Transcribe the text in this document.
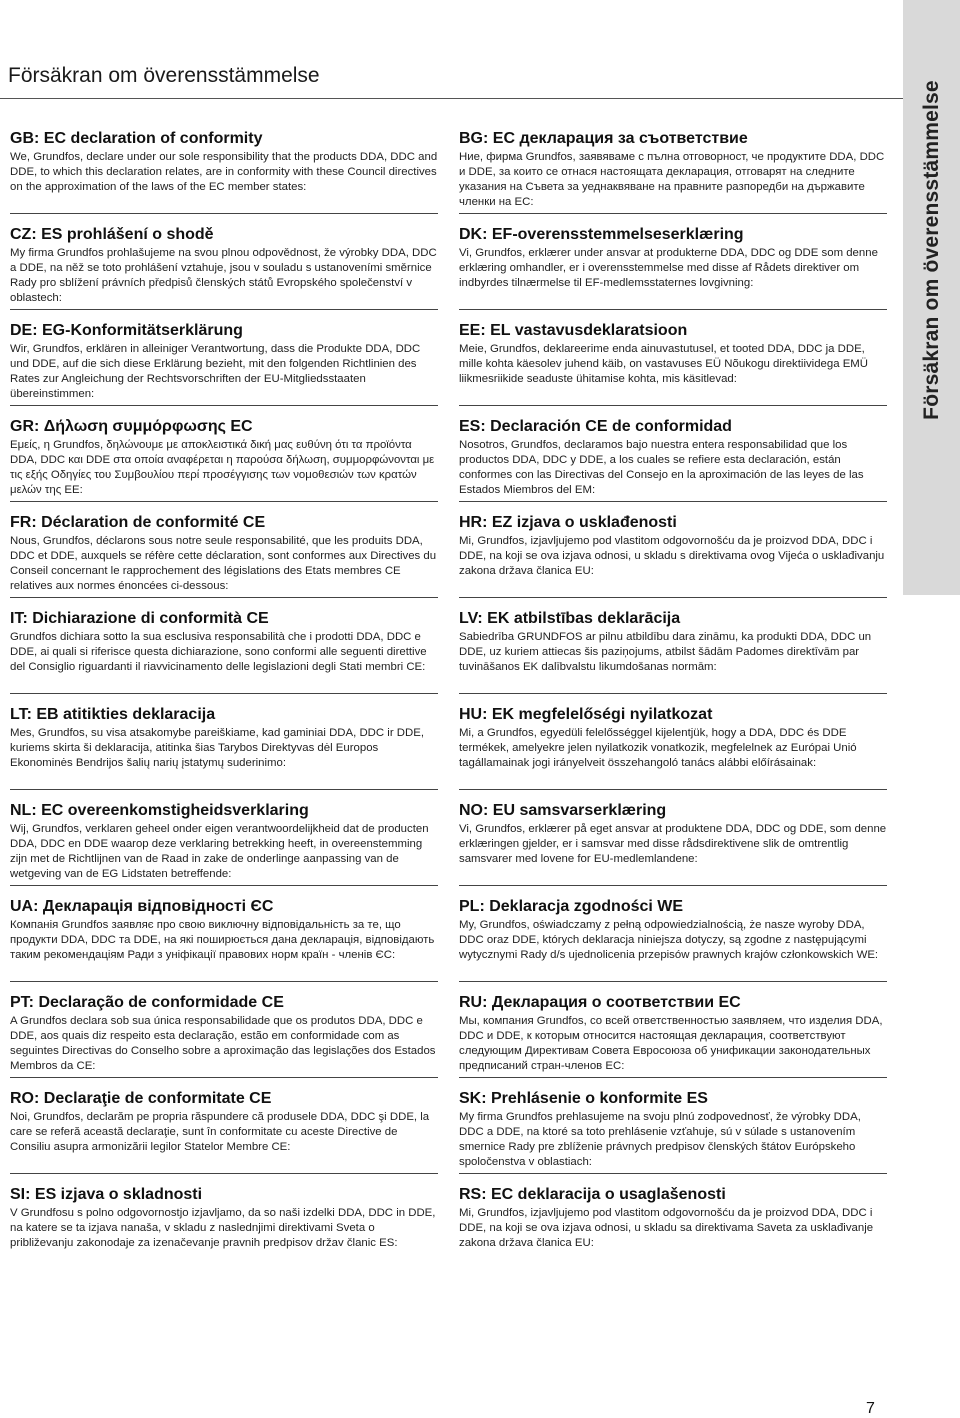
Försäkran om överensstämmelse
Försäkran om överensstämmelse
GB: EC declaration of conformity

We, Grundfos, declare under our sole responsibility that the products DDA, DDC and DDE, to which this declaration relates, are in conformity with these Council directives on the approximation of the laws of the EC member states:

CZ: ES prohlášení o shodě

My firma Grundfos prohlašujeme na svou plnou odpovědnost, že výrobky DDA, DDC a DDE, na něž se toto prohlášení vztahuje, jsou v souladu s ustanoveními směrnice Rady pro sblížení právních předpisů členských států Evropského společenství v oblastech:

DE: EG-Konformitätserklärung

Wir, Grundfos, erklären in alleiniger Verantwortung, dass die Produkte DDA, DDC und DDE, auf die sich diese Erklärung bezieht, mit den folgenden Richtlinien des Rates zur Angleichung der Rechtsvorschriften der EU-Mitgliedsstaaten übereinstimmen:

GR: Δήλωση συμμόρφωσης EC

Εμείς, η Grundfos, δηλώνουμε με αποκλειστικά δική μας ευθύνη ότι τα προϊόντα DDA, DDC και DDE στα οποία αναφέρεται η παρούσα δήλωση, συμμορφώνονται με τις εξής Οδηγίες του Συμβουλίου περί προσέγγισης των νομοθεσιών των κρατών μελών της ΕΕ:

FR: Déclaration de conformité CE

Nous, Grundfos, déclarons sous notre seule responsabilité, que les produits DDA, DDC et DDE, auxquels se réfère cette déclaration, sont conformes aux Directives du Conseil concernant le rapprochement des législations des Etats membres CE relatives aux normes énoncées ci-dessous:

IT: Dichiarazione di conformità CE

Grundfos dichiara sotto la sua esclusiva responsabilità che i prodotti DDA, DDC e DDE, ai quali si riferisce questa dichiarazione, sono conformi alle seguenti direttive del Consiglio riguardanti il riavvicinamento delle legislazioni degli Stati membri CE:

LT: EB atitikties deklaracija

Mes, Grundfos, su visa atsakomybe pareiškiame, kad gaminiai DDA, DDC ir DDE, kuriems skirta ši deklaracija, atitinka šias Tarybos Direktyvas dėl Europos Ekonominės Bendrijos šalių narių įstatymų suderinimo:

NL: EC overeenkomstigheidsverklaring

Wij, Grundfos, verklaren geheel onder eigen verantwoordelijkheid dat de producten DDA, DDC en DDE waarop deze verklaring betrekking heeft, in overeenstemming zijn met de Richtlijnen van de Raad in zake de onderlinge aanpassing van de wetgeving van de EG Lidstaten betreffende:

UA: Декларація відповідності ЄС

Компанія Grundfos заявляє про свою виключну відповідальність за те, що продукти DDA, DDC та DDE, на які поширюється дана декларація, відповідають таким рекомендаціям Ради з уніфікації правових норм країн - членів ЄС:

PT: Declaração de conformidade CE

A Grundfos declara sob sua única responsabilidade que os produtos DDA, DDC e DDE, aos quais diz respeito esta declaração, estão em conformidade com as seguintes Directivas do Conselho sobre a aproximação das legislações dos Estados Membros da CE:

RO: Declaraţie de conformitate CE

Noi, Grundfos, declarăm pe propria răspundere că produsele DDA, DDC şi DDE, la care se referă această declaraţie, sunt în conformitate cu aceste Directive de Consiliu asupra armonizării legilor Statelor Membre CE:

SI: ES izjava o skladnosti

V Grundfosu s polno odgovornostjo izjavljamo, da so naši izdelki DDA, DDC in DDE, na katere se ta izjava nanaša, v skladu z naslednjimi direktivami Sveta o približevanju zakonodaje za izenačevanje pravnih predpisov držav članic ES:

BG: ЕС декларация за съответствие

Ние, фирма Grundfos, заявяваме с пълна отговорност, че продуктите DDA, DDC и DDE, за които се отнася настоящата декларация, отговарят на следните указания на Съвета за уеднаквяване на правните разпоредби на държавите членки на ЕС:

DK: EF-overensstemmelseserklæring

Vi, Grundfos, erklærer under ansvar at produkterne DDA, DDC og DDE som denne erklæring omhandler, er i overensstemmelse med disse af Rådets direktiver om indbyrdes tilnærmelse til EF-medlemsstaternes lovgivning:

EE: EL vastavusdeklaratsioon

Meie, Grundfos, deklareerime enda ainuvastutusel, et tooted DDA, DDC ja DDE, mille kohta käesolev juhend käib, on vastavuses EÜ Nõukogu direktiividega EMÜ liikmesriikide seaduste ühitamise kohta, mis käsitlevad:

ES: Declaración CE de conformidad

Nosotros, Grundfos, declaramos bajo nuestra entera responsabilidad que los productos DDA, DDC y DDE, a los cuales se refiere esta declaración, están conformes con las Directivas del Consejo en la aproximación de las leyes de las Estados Miembros del EM:

HR: EZ izjava o usklađenosti

Mi, Grundfos, izjavljujemo pod vlastitom odgovornošću da je proizvod DDA, DDC i DDE, na koji se ova izjava odnosi, u skladu s direktivama ovog Vijeća o usklađivanju zakona država članica EU:

LV: EK atbilstības deklarācija

Sabiedrība GRUNDFOS ar pilnu atbildību dara zināmu, ka produkti DDA, DDC un DDE, uz kuriem attiecas šis paziņojums, atbilst šādām Padomes direktīvām par tuvināšanos EK dalībvalstu likumdošanas normām:

HU: EK megfelelőségi nyilatkozat

Mi, a Grundfos, egyedüli felelősséggel kijelentjük, hogy a DDA, DDC és DDE termékek, amelyekre jelen nyilatkozik vonatkozik, megfelelnek az Európai Unió tagállamainak jogi irányelveit összehangoló tanács alábbi előírásainak:

NO: EU samsvarserklæring

Vi, Grundfos, erklærer på eget ansvar at produktene DDA, DDC og DDE, som denne erklæringen gjelder, er i samsvar med disse rådsdirektivene slik de omtrentlig samsvarer med lovene for EU-medlemlandene:

PL: Deklaracja zgodności WE

My, Grundfos, oświadczamy z pełną odpowiedzialnością, że nasze wyroby DDA, DDC oraz DDE, których deklaracja niniejsza dotyczy, są zgodne z następującymi wytycznymi Rady d/s ujednolicenia przepisów prawnych krajów członkowskich WE:

RU: Декларация о соответствии ЕС

Мы, компания Grundfos, со всей ответственностью заявляем, что изделия DDA, DDC и DDE, к которым относится настоящая декларация, соответствуют следующим Директивам Совета Евросоюза об унификации законодательных предписаний стран-членов ЕС:

SK: Prehlásenie o konformite ES

My firma Grundfos prehlasujeme na svoju plnú zodpovednosť, že výrobky DDA, DDC a DDE, na ktoré sa toto prehlásenie vzťahuje, sú v súlade s ustanovením smernice Rady pre zblíženie právnych predpisov členských štátov Európskeho spoločenstva v oblastiach:

RS: EC deklaracija o usaglašenosti

Mi, Grundfos, izjavljujemo pod vlastitom odgovornošću da je proizvod DDA, DDC i DDE, na koji se ova izjava odnosi, u skladu sa direktivama Saveta za usklađivanje zakona država članica EU:

7
